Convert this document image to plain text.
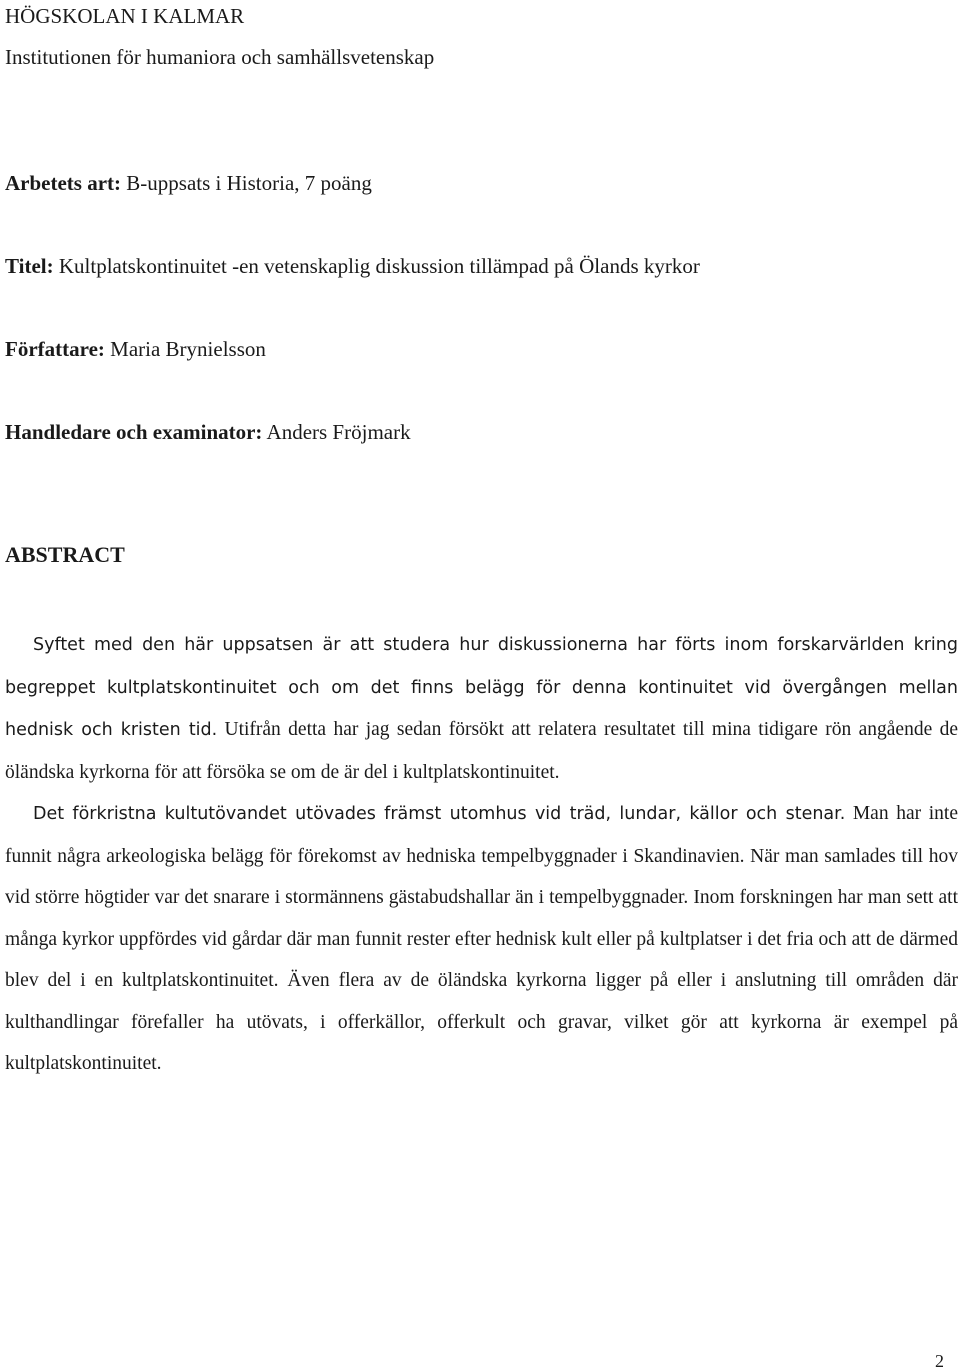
HÖGSKOLAN I KALMAR
Institutionen för humaniora och samhällsvetenskap
Arbetets art: B-uppsats i Historia, 7 poäng
Titel: Kultplatskontinuitet -en vetenskaplig diskussion tillämpad på Ölands kyrkor
Författare: Maria Brynielsson
Handledare och examinator: Anders Fröjmark
ABSTRACT

Syftet med den här uppsatsen är att studera hur diskussionerna har förts inom forskarvärlden kring begreppet kultplatskontinuitet och om det finns belägg för denna kontinuitet vid övergången mellan hednisk och kristen tid. Utifrån detta har jag sedan försökt att relatera resultatet till mina tidigare rön angående de öländska kyrkorna för att försöka se om de är del i kultplatskontinuitet.

Det förkristna kultutövandet utövades främst utomhus vid träd, lundar, källor och stenar. Man har inte funnit några arkeologiska belägg för förekomst av hedniska tempelbyggnader i Skandinavien. När man samlades till hov vid större högtider var det snarare i stormännens gästabudshallar än i tempelbyggnader. Inom forskningen har man sett att många kyrkor uppfördes vid gårdar där man funnit rester efter hednisk kult eller på kultplatser i det fria och att de därmed blev del i en kultplatskontinuitet. Även flera av de öländska kyrkorna ligger på eller i anslutning till områden där kulthandlingar förefaller ha utövats, i offerkällor, offerkult och gravar, vilket gör att kyrkorna är exempel på kultplatskontinuitet.

2
